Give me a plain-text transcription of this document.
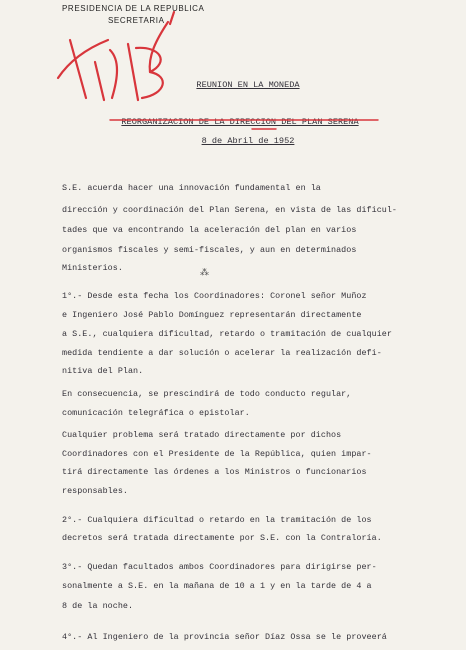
PRESIDENCIA DE LA REPUBLICA
SECRETARIA
REUNION EN LA MONEDA
REORGANIZACION DE LA DIRECCION DEL PLAN SERENA
8 de Abril de 1952
S.E. acuerda hacer una innovación fundamental en la
dirección y coordinación del Plan Serena, en vista de las dificul-
tades que va encontrando la aceleración del plan en varios
organismos fiscales y semi-fiscales, y aun en determinados
Ministerios.
1°.- Desde esta fecha los Coordinadores: Coronel señor Muñoz
e Ingeniero José Pablo Domínguez representarán directamente
a S.E., cualquiera dificultad, retardo o tramitación de cualquier
medida tendiente a dar solución o acelerar la realización defi-
nitiva del Plan.
En consecuencia, se prescindirá de todo conducto regular,
comunicación telegráfica o epistolar.
Cualquier problema será tratado directamente por dichos
Coordinadores con el Presidente de la República, quien impar-
tirá directamente las órdenes a los Ministros o funcionarios
responsables.
2°.- Cualquiera dificultad o retardo en la tramitación de los
decretos será tratada directamente por S.E. con la Contraloría.
3°.- Quedan facultados ambos Coordinadores para dirigirse per-
sonalmente a S.E. en la mañana de 10 a 1 y en la tarde de 4 a
8 de la noche.
4°.- Al Ingeniero de la provincia señor Díaz Ossa se le proveerá
⁂
